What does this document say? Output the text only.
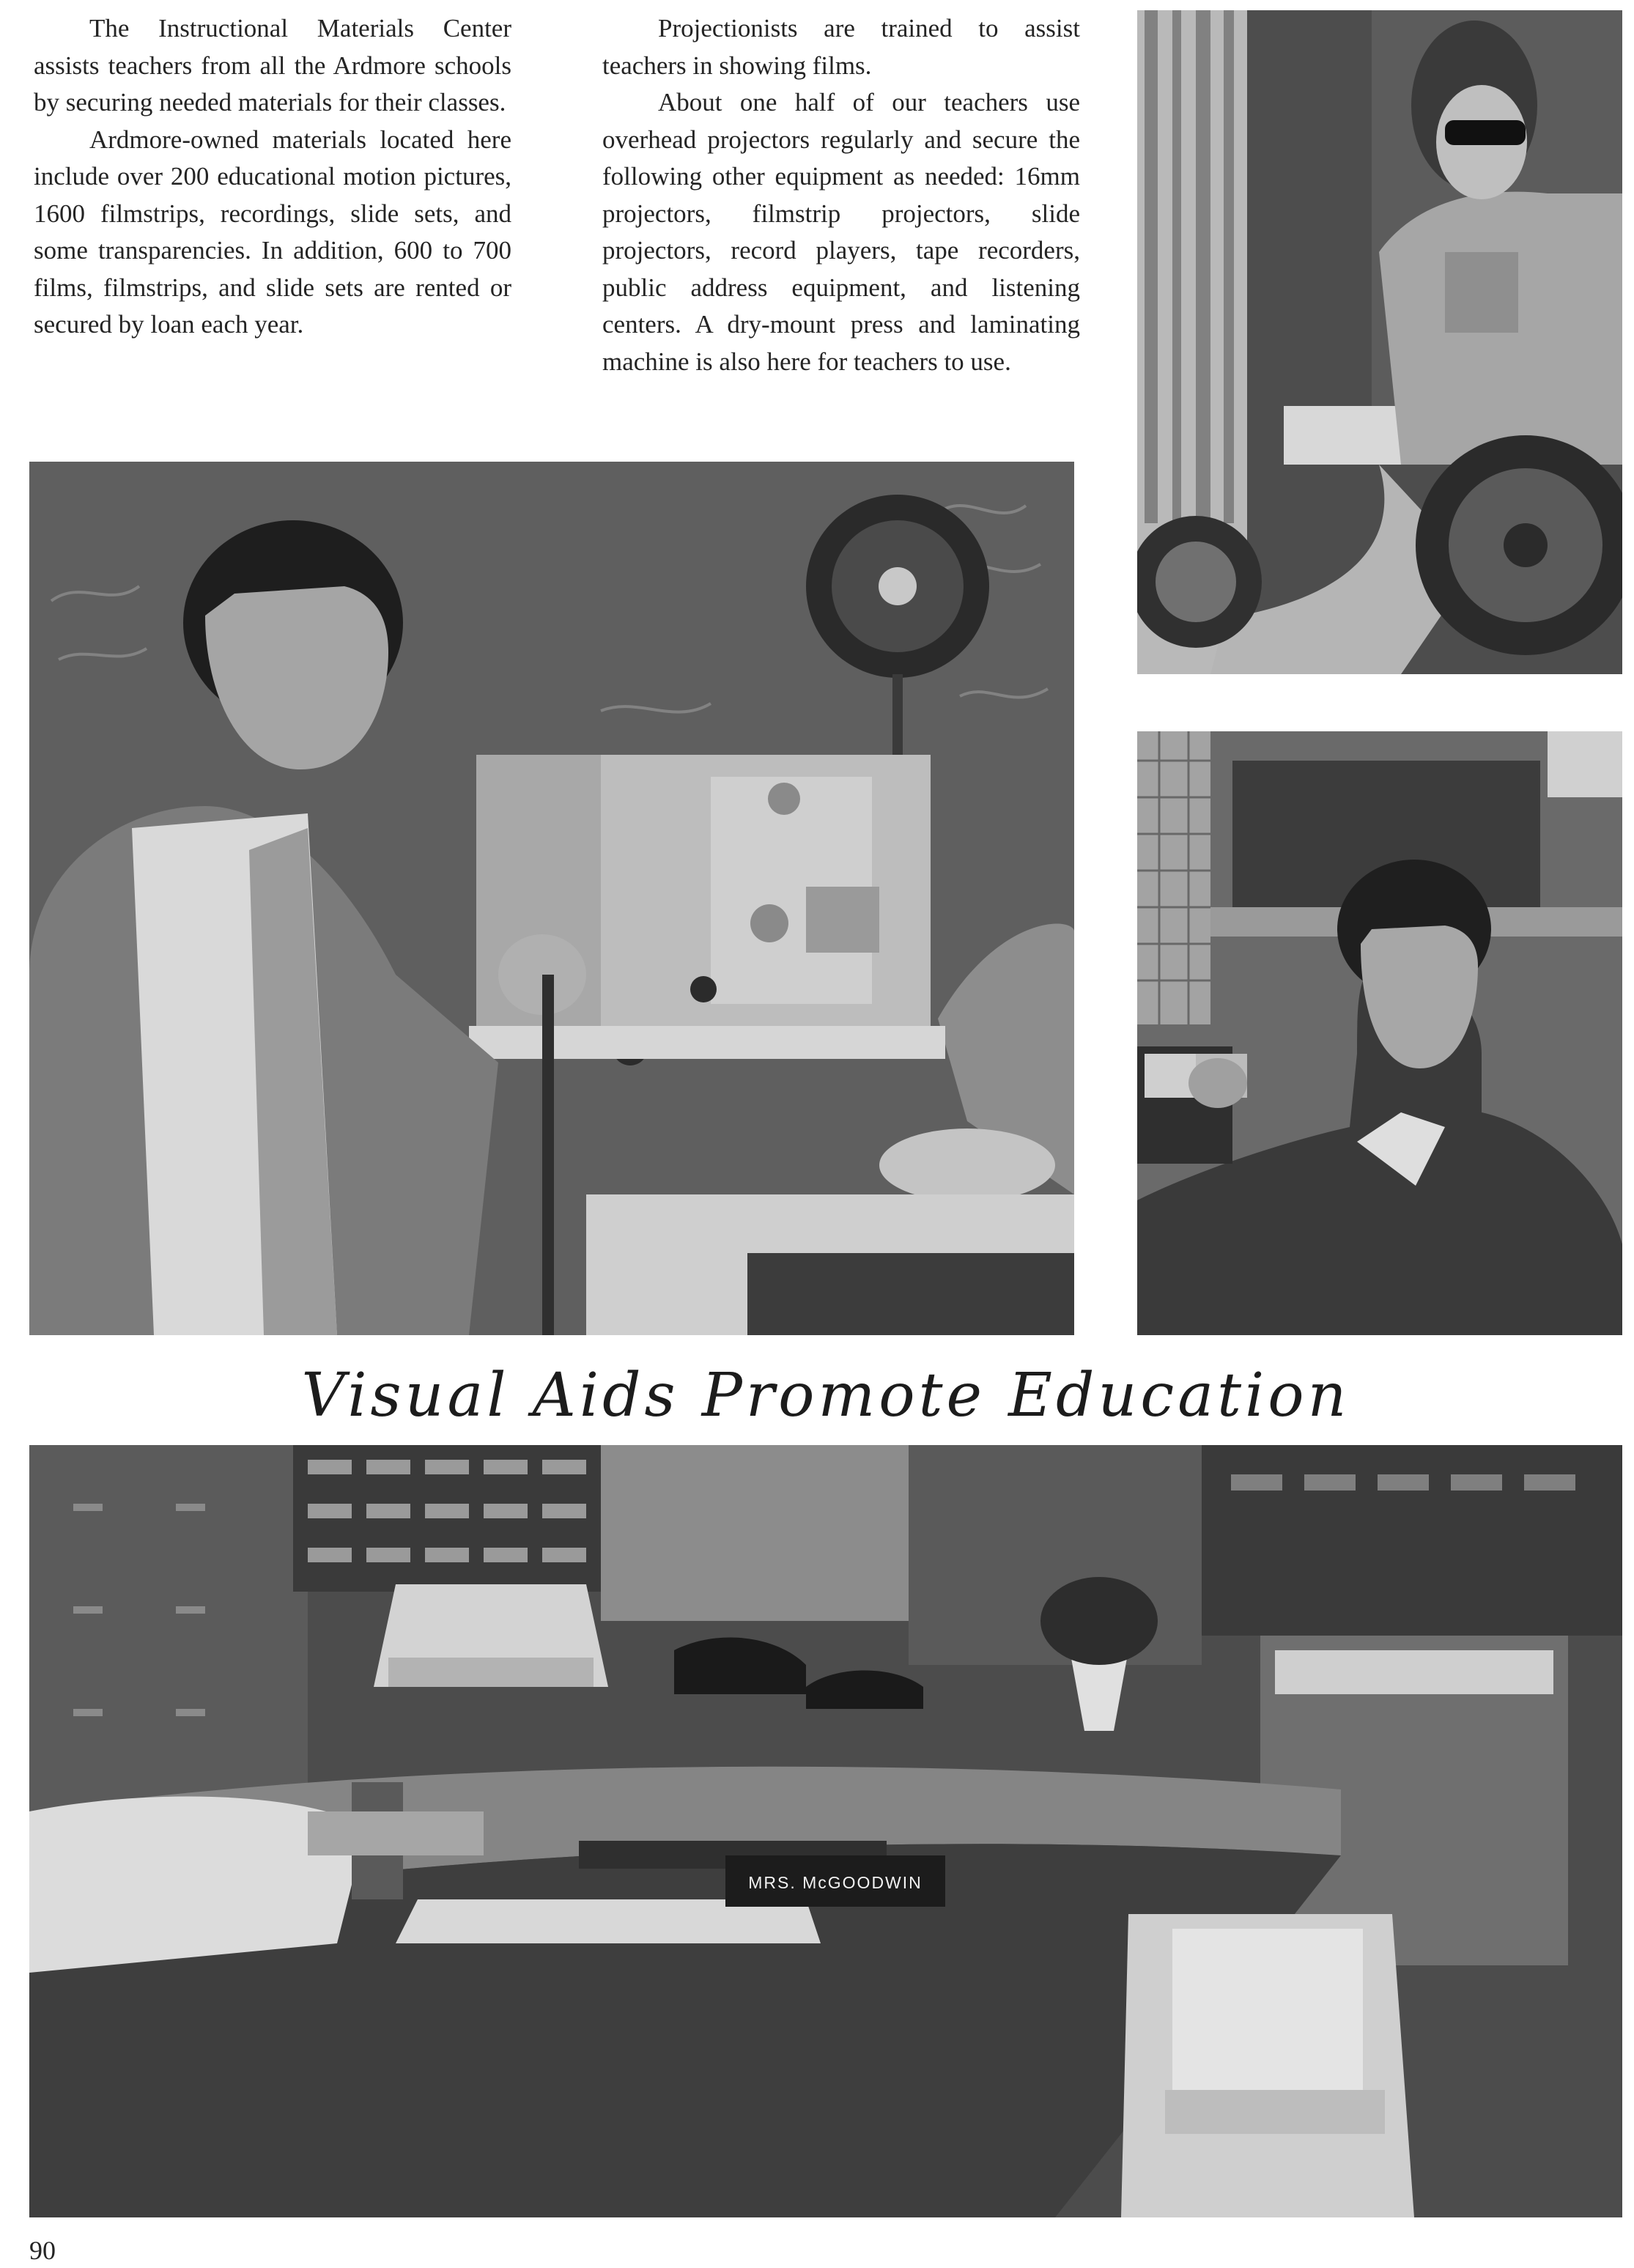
The Instructional Materials Center assists teachers from all the Ardmore schools by securing needed materials for their classes.

Ardmore-owned materials located here include over 200 educational motion pictures, 1600 filmstrips, recordings, slide sets, and some transparencies. In addition, 600 to 700 films, filmstrips, and slide sets are rented or secured by loan each year.

Projectionists are trained to assist teachers in showing films.

About one half of our teachers use overhead projectors regularly and secure the following other equipment as needed: 16mm projectors, filmstrip projectors, slide projectors, record players, tape recorders, public address equipment, and listening centers. A dry-mount press and laminating machine is also here for teachers to use.

Visual Aids Promote Education
MRS. McGOODWIN
90
